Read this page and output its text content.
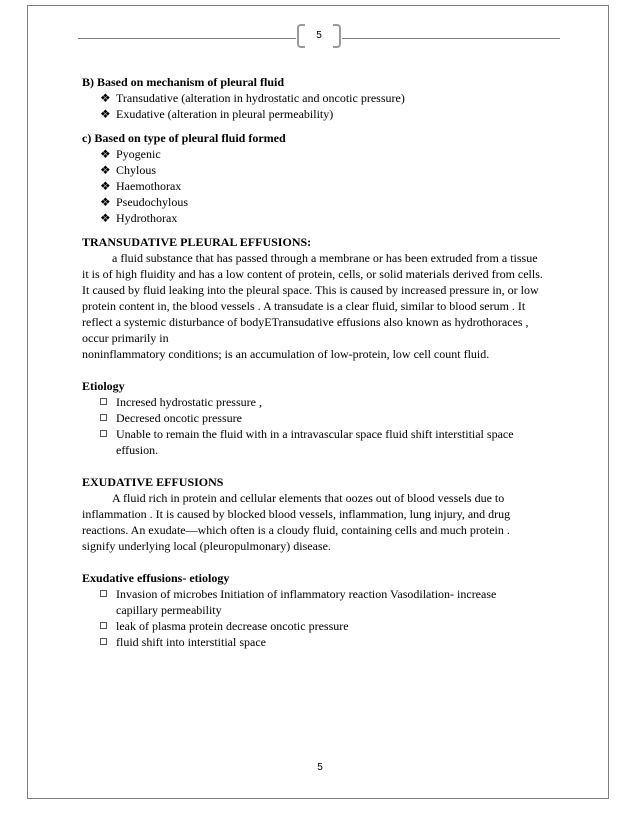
5

B) Based on mechanism of pleural fluid

❖ Transudative (alteration in hydrostatic and oncotic pressure)
❖ Exudative (alteration in pleural permeability)

c) Based on type of pleural fluid formed

❖ Pyogenic
❖ Chylous
❖ Haemothorax
❖ Pseudochylous
❖ Hydrothorax

TRANSUDATIVE PLEURAL EFFUSIONS:

a fluid substance that has passed through a membrane or has been extruded from a tissue

it is of high fluidity and has a low content of protein, cells, or solid materials derived from cells.

It caused by fluid leaking into the pleural space. This is caused by increased pressure in, or low

protein content in, the blood vessels . A transudate is a clear fluid, similar to blood serum . It

reflect a systemic disturbance of bodyETransudative effusions also known as hydrothoraces ,

occur primarily in

noninflammatory conditions; is an accumulation of low-protein, low cell count fluid.

Etiology

Incresed hydrostatic pressure ,
Decresed oncotic pressure
Unable to remain the fluid with in a intravascular space fluid shift interstitial space
effusion.

EXUDATIVE EFFUSIONS

A fluid rich in protein and cellular elements that oozes out of blood vessels due to

inflammation . It is caused by blocked blood vessels, inflammation, lung injury, and drug

reactions. An exudate—which often is a cloudy fluid, containing cells and much protein .

signify underlying local (pleuropulmonary) disease.

Exudative effusions- etiology

Invasion of microbes Initiation of inflammatory reaction Vasodilation- increase
capillary permeability
leak of plasma protein decrease oncotic pressure
fluid shift into interstitial space
5
